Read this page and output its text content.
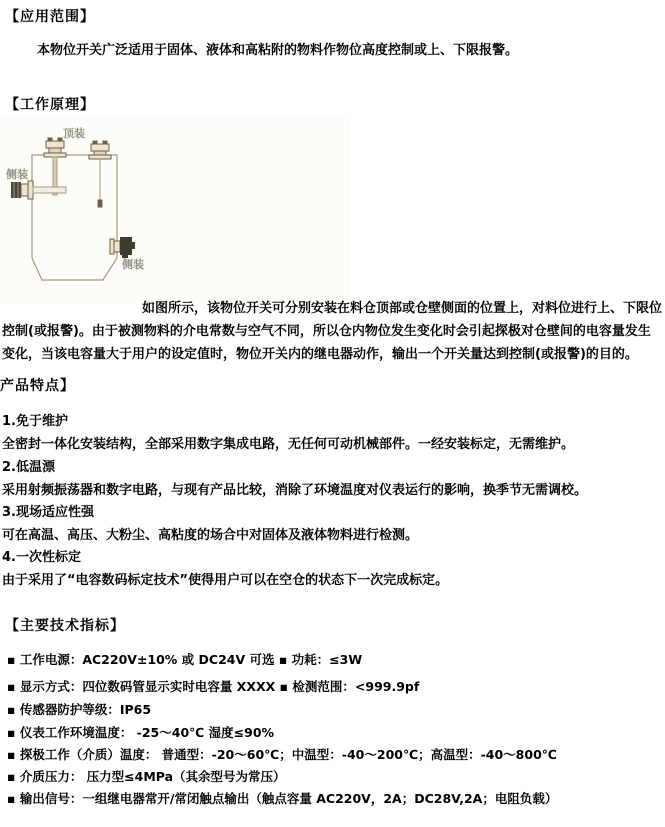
【应用范围】
本物位开关广泛适用于固体、液体和高粘附的物料作物位高度控制或上、下限报警。
【工作原理】
顶装
侧装
侧装
如图所示，该物位开关可分别安装在料仓顶部或仓壁侧面的位置上，对料位进行上、下限位
控制(或报警)。由于被测物料的介电常数与空气不同，所以仓内物位发生变化时会引起探极对仓壁间的电容量发生
变化，当该电容量大于用户的设定值时，物位开关内的继电器动作，输出一个开关量达到控制(或报警)的目的。
产品特点】
1.免于维护
全密封一体化安装结构，全部采用数字集成电路，无任何可动机械部件。一经安装标定，无需维护。
2.低温漂
采用射频振荡器和数字电路，与现有产品比较，消除了环境温度对仪表运行的影响，换季节无需调校。
3.现场适应性强
可在高温、高压、大粉尘、高粘度的场合中对固体及液体物料进行检测。
4.一次性标定
由于采用了“电容数码标定技术”使得用户可以在空仓的状态下一次完成标定。
【主要技术指标】
▪ 工作电源：AC220V±10% 或 DC24V 可选 ▪ 功耗：≤3W
▪ 显示方式：四位数码管显示实时电容量 XXXX ▪ 检测范围：<999.9pf
▪ 传感器防护等级：IP65
▪ 仪表工作环境温度： -25～40℃ 湿度≤90%
▪ 探极工作（介质）温度： 普通型：-20～60℃；中温型：-40～200℃；高温型：-40～800℃
▪ 介质压力： 压力型≤4MPa（其余型号为常压）
▪ 输出信号：一组继电器常开/常闭触点输出（触点容量 AC220V，2A；DC28V,2A；电阻负载）
